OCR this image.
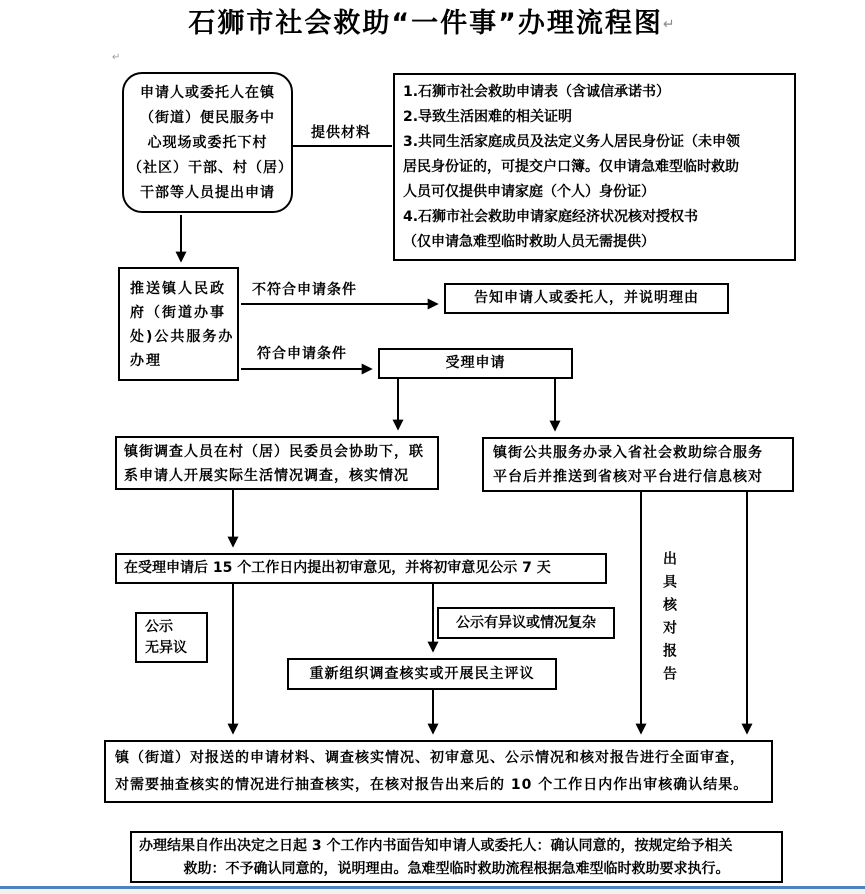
石狮市社会救助“一件事”办理流程图↵
↵
申请人或委托人在镇
（街道）便民服务中
心现场或委托下村
（社区）干部、村（居）
干部等人员提出申请
1.石狮市社会救助申请表（含诚信承诺书）
2.导致生活困难的相关证明
3.共同生活家庭成员及法定义务人居民身份证（未申领
居民身份证的，可提交户口簿。仅申请急难型临时救助
人员可仅提供申请家庭（个人）身份证）
4.石狮市社会救助申请家庭经济状况核对授权书
（仅申请急难型临时救助人员无需提供）
推送镇人民政
府（街道办事
处)公共服务办
办理
告知申请人或委托人，并说明理由
受理申请
镇街调查人员在村（居）民委员会协助下，联
系申请人开展实际生活情况调查，核实情况
镇街公共服务办录入省社会救助综合服务
平台后并推送到省核对平台进行信息核对
在受理申请后 15 个工作日内提出初审意见，并将初审意见公示 7 天
公示
无异议
公示有异议或情况复杂
重新组织调查核实或开展民主评议
镇（街道）对报送的申请材料、调查核实情况、初审意见、公示情况和核对报告进行全面审查，
对需要抽查核实的情况进行抽查核实，在核对报告出来后的 10 个工作日内作出审核确认结果。
办理结果自作出决定之日起 3 个工作内书面告知申请人或委托人：确认同意的，按规定给予相关
救助：不予确认同意的，说明理由。急难型临时救助流程根据急难型临时救助要求执行。
提供材料
不符合申请条件
符合申请条件
出具核对报告
